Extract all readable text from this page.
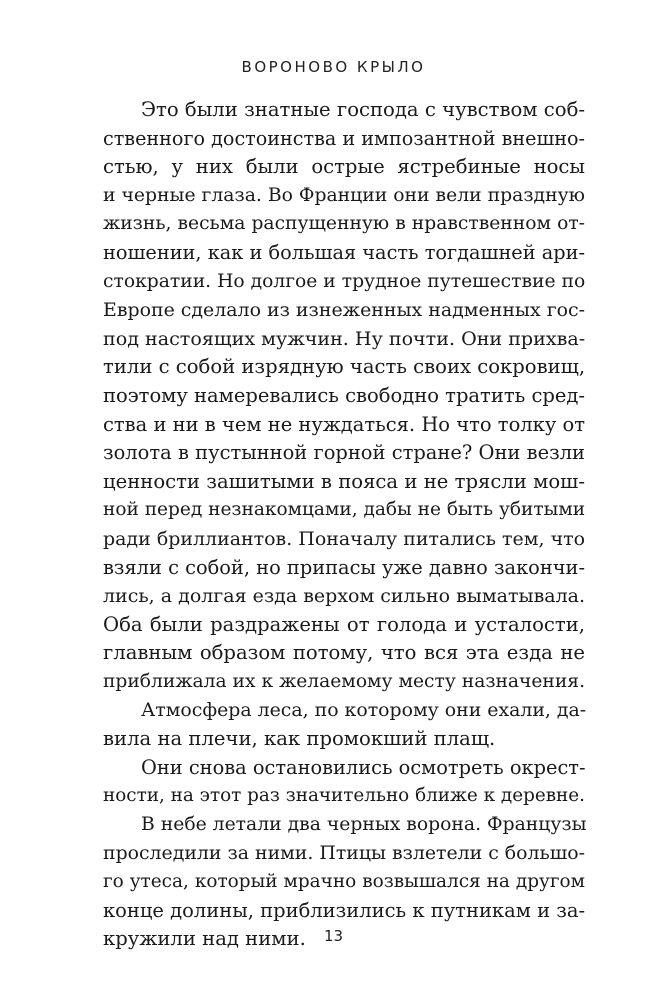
ВОРОНОВО КРЫЛО
Это были знатные господа с чувством соб-
ственного достоинства и импозантной внешно-
стью, у них были острые ястребиные носы
и черные глаза. Во Франции они вели праздную
жизнь, весьма распущенную в нравственном от-
ношении, как и большая часть тогдашней ари-
стократии. Но долгое и трудное путешествие по
Европе сделало из изнеженных надменных гос-
под настоящих мужчин. Ну почти. Они прихва-
тили с собой изрядную часть своих сокровищ,
поэтому намеревались свободно тратить сред-
ства и ни в чем не нуждаться. Но что толку от
золота в пустынной горной стране? Они везли
ценности зашитыми в пояса и не трясли мош-
ной перед незнакомцами, дабы не быть убитыми
ради бриллиантов. Поначалу питались тем, что
взяли с собой, но припасы уже давно закончи-
лись, а долгая езда верхом сильно выматывала.
Оба были раздражены от голода и усталости,
главным образом потому, что вся эта езда не
приближала их к желаемому месту назначения.
Атмосфера леса, по которому они ехали, да-
вила на плечи, как промокший плащ.
Они снова остановились осмотреть окрест-
ности, на этот раз значительно ближе к деревне.
В небе летали два черных ворона. Французы
проследили за ними. Птицы взлетели с большо-
го утеса, который мрачно возвышался на другом
конце долины, приблизились к путникам и за-
кружили над ними.	13
